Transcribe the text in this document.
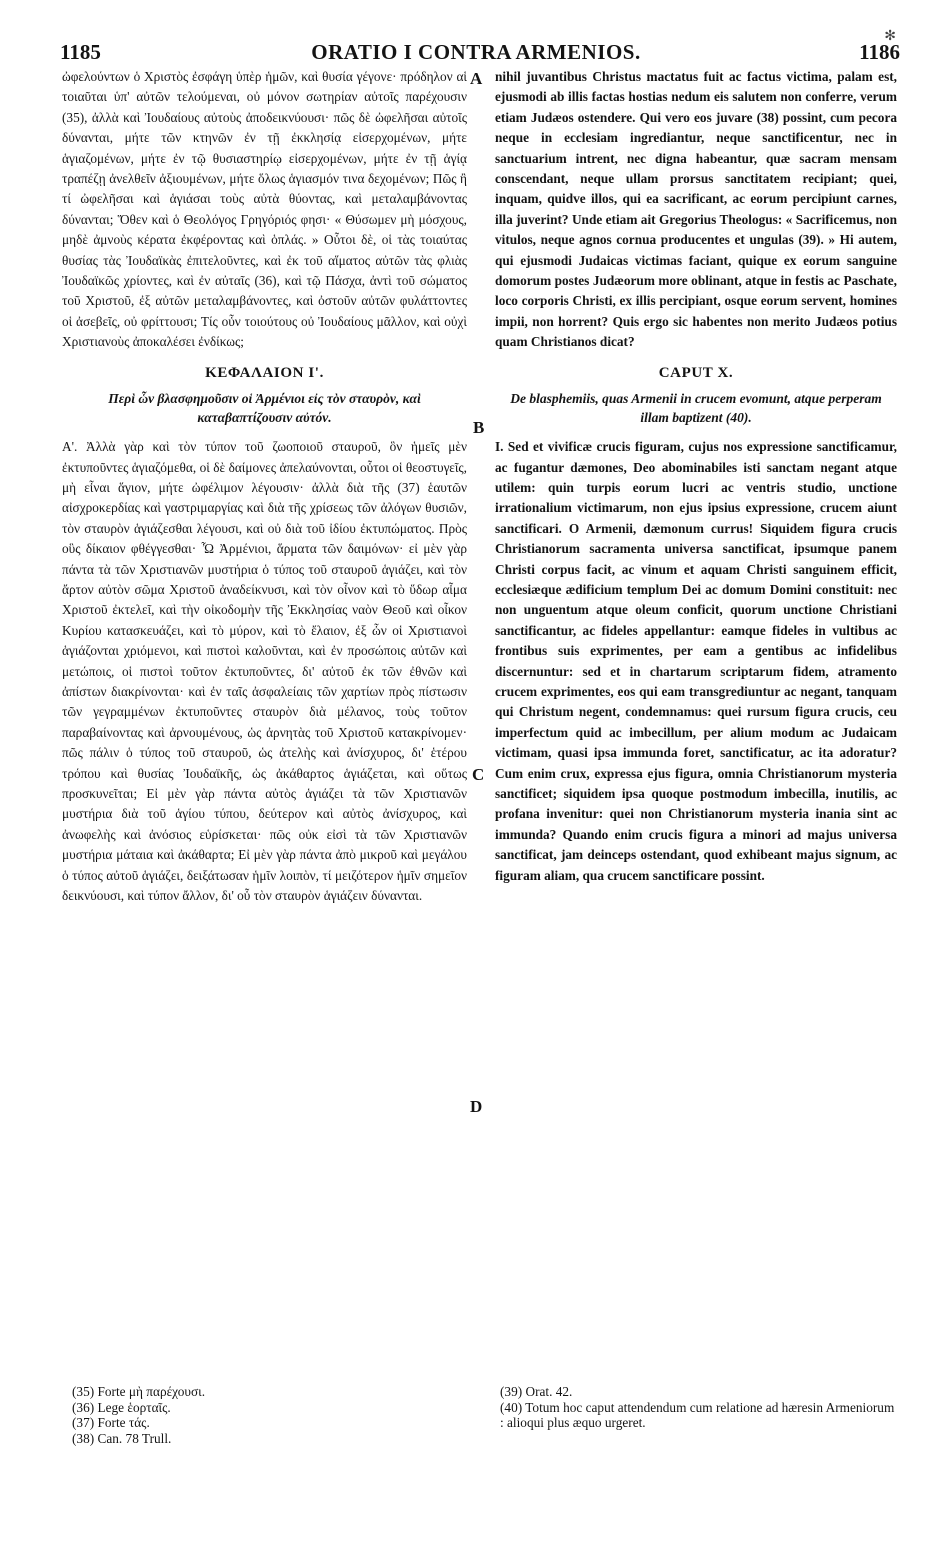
1185	ORATIO I CONTRA ARMENIOS.	1186
✻

ὠφελούντων ὁ Χριστὸς ἐσφάγη ὑπὲρ ἡμῶν, καὶ θυσία γέγονε· πρόδηλον αἱ τοιαῦται ὑπ' αὐτῶν τελούμεναι, οὐ μόνον σωτηρίαν αὐτοῖς παρέχουσιν (35), ἀλλὰ καὶ Ἰουδαίους αὐτοὺς ἀποδεικνύουσι· πῶς δὲ ὠφελῆσαι αὐτοῖς δύνανται, μήτε τῶν κτηνῶν ἐν τῇ ἐκκλησίᾳ εἰσερχομένων, μήτε ἁγιαζομένων, μήτε ἐν τῷ θυσιαστηρίῳ εἰσερχομένων, μήτε ἐν τῇ ἁγίᾳ τραπέζῃ ἀνελθεῖν ἀξιουμένων, μήτε ὅλως ἁγιασμόν τινα δεχομένων; Πῶς ἢ τί ὠφελῆσαι καὶ ἁγιάσαι τοὺς αὐτὰ θύοντας, καὶ μεταλαμβάνοντας δύνανται; Ὅθεν καὶ ὁ Θεολόγος Γρηγόριός φησι· « Θύσωμεν μὴ μόσχους, μηδὲ ἀμνοὺς κέρατα ἐκφέροντας καὶ ὁπλάς. » Οὗτοι δὲ, οἱ τὰς τοιαύτας θυσίας τὰς Ἰουδαϊκὰς ἐπιτελοῦντες, καὶ ἐκ τοῦ αἵματος αὐτῶν τὰς φλιὰς Ἰουδαϊκῶς χρίοντες, καὶ ἐν αὐταῖς (36), καὶ τῷ Πάσχα, ἀντὶ τοῦ σώματος τοῦ Χριστοῦ, ἐξ αὐτῶν μεταλαμβάνοντες, καὶ ὀστοῦν αὐτῶν φυλάττοντες οἱ ἀσεβεῖς, οὐ φρίττουσι; Τίς οὖν τοιούτους οὐ Ἰουδαίους μᾶλλον, καὶ οὐχὶ Χριστιανοὺς ἀποκαλέσει ἐνδίκως;

ΚΕΦΑΛΑΙΟΝ Ι'.
Περὶ ὧν βλασφημοῦσιν οἱ Ἀρμένιοι εἰς τὸν σταυρὸν, καὶ καταβαπτίζουσιν αὐτόν.

Α'. Ἀλλὰ γὰρ καὶ τὸν τύπον τοῦ ζωοποιοῦ σταυροῦ, ὃν ἡμεῖς μὲν ἐκτυποῦντες ἁγιαζόμεθα, οἱ δὲ δαίμονες ἀπελαύνονται, οὗτοι οἱ θεοστυγεῖς, μὴ εἶναι ἅγιον, μήτε ὠφέλιμον λέγουσιν· ἀλλὰ διὰ τῆς (37) ἑαυτῶν αἰσχροκερδίας καὶ γαστριμαργίας καὶ διὰ τῆς χρίσεως τῶν ἀλόγων θυσιῶν, τὸν σταυρὸν ἁγιάζεσθαι λέγουσι, καὶ οὐ διὰ τοῦ ἰδίου ἐκτυπώματος. Πρὸς οὓς δίκαιον φθέγγεσθαι· Ὦ Ἀρμένιοι, ἅρματα τῶν δαιμόνων· εἰ μὲν γὰρ πάντα τὰ τῶν Χριστιανῶν μυστήρια ὁ τύπος τοῦ σταυροῦ ἁγιάζει, καὶ τὸν ἄρτον αὐτὸν σῶμα Χριστοῦ ἀναδείκνυσι, καὶ τὸν οἶνον καὶ τὸ ὕδωρ αἷμα Χριστοῦ ἐκτελεῖ, καὶ τὴν οἰκοδομὴν τῆς Ἐκκλησίας ναὸν Θεοῦ καὶ οἶκον Κυρίου κατασκευάζει, καὶ τὸ μύρον, καὶ τὸ ἔλαιον, ἐξ ὧν οἱ Χριστιανοὶ ἁγιάζονται χριόμενοι, καὶ πιστοὶ καλοῦνται, καὶ ἐν προσώποις αὐτῶν καὶ μετώποις, οἱ πιστοὶ τοῦτον ἐκτυποῦντες, δι' αὐτοῦ ἐκ τῶν ἐθνῶν καὶ ἀπίστων διακρίνονται· καὶ ἐν ταῖς ἀσφαλείαις τῶν χαρτίων πρὸς πίστωσιν τῶν γεγραμμένων ἐκτυποῦντες σταυρὸν διὰ μέλανος, τοὺς τοῦτον παραβαίνοντας καὶ ἀρνουμένους, ὡς ἀρνητὰς τοῦ Χριστοῦ κατακρίνομεν· πῶς πάλιν ὁ τύπος τοῦ σταυροῦ, ὡς ἀτελὴς καὶ ἀνίσχυρος, δι' ἑτέρου τρόπου καὶ θυσίας Ἰουδαϊκῆς, ὡς ἀκάθαρτος ἁγιάζεται, καὶ οὕτως προσκυνεῖται; Εἰ μὲν γὰρ πάντα αὐτὸς ἁγιάζει τὰ τῶν Χριστιανῶν μυστήρια διὰ τοῦ ἁγίου τύπου, δεύτερον καὶ αὐτὸς ἀνίσχυρος, καὶ ἀνωφελὴς καὶ ἀνόσιος εὑρίσκεται· πῶς οὐκ εἰσὶ τὰ τῶν Χριστιανῶν μυστήρια μάταια καὶ ἀκάθαρτα; Εἰ μὲν γὰρ πάντα ἀπὸ μικροῦ καὶ μεγάλου ὁ τύπος αὐτοῦ ἁγιάζει, δειξάτωσαν ἡμῖν λοιπὸν, τί μειζότερον ἡμῖν σημεῖον δεικνύουσι, καὶ τύπον ἄλλον, δι' οὗ τὸν σταυρὸν ἁγιάζειν δύνανται.

A
B
C
D

nihil juvantibus Christus mactatus fuit ac factus victima, palam est, ejusmodi ab illis factas hostias nedum eis salutem non conferre, verum etiam Judæos ostendere. Qui vero eos juvare (38) possint, cum pecora neque in ecclesiam ingrediantur, neque sanctificentur, nec in sanctuarium intrent, nec digna habeantur, quæ sacram mensam conscendant, neque ullam prorsus sanctitatem recipiant; quei, inquam, quidve illos, qui ea sacrificant, ac eorum percipiunt carnes, illa juverint? Unde etiam ait Gregorius Theologus: « Sacrificemus, non vitulos, neque agnos cornua producentes et ungulas (39). » Hi autem, qui ejusmodi Judaicas victimas faciant, quique ex eorum sanguine domorum postes Judæorum more oblinant, atque in festis ac Paschate, loco corporis Christi, ex illis percipiant, osque eorum servent, homines impii, non horrent? Quis ergo sic habentes non merito Judæos potius quam Christianos dicat?

CAPUT X.
De blasphemiis, quas Armenii in crucem evomunt, atque perperam illam baptizent (40).

I. Sed et vivificæ crucis figuram, cujus nos expressione sanctificamur, ac fugantur dæmones, Deo abominabiles isti sanctam negant atque utilem: quin turpis eorum lucri ac ventris studio, unctione irrationalium victimarum, non ejus ipsius expressione, crucem aiunt sanctificari. O Armenii, dæmonum currus! Siquidem figura crucis Christianorum sacramenta universa sanctificat, ipsumque panem Christi corpus facit, ac vinum et aquam Christi sanguinem efficit, ecclesiæque ædificium templum Dei ac domum Domini constituit: nec non unguentum atque oleum conficit, quorum unctione Christiani sanctificantur, ac fideles appellantur: eamque fideles in vultibus ac frontibus suis exprimentes, per eam a gentibus ac infidelibus discernuntur: sed et in chartarum scriptarum fidem, atramento crucem exprimentes, eos qui eam transgrediuntur ac negant, tanquam qui Christum negent, condemnamus: quei rursum figura crucis, ceu imperfectum quid ac imbecillum, per alium modum ac Judaicam victimam, quasi ipsa immunda foret, sanctificatur, ac ita adoratur? Cum enim crux, expressa ejus figura, omnia Christianorum mysteria sanctificet; siquidem ipsa quoque postmodum imbecilla, inutilis, ac profana invenitur: quei non Christianorum mysteria inania sint ac immunda? Quando enim crucis figura a minori ad majus universa sanctificat, jam deinceps ostendant, quod exhibeant majus signum, ac figuram aliam, qua crucem sanctificare possint.

(35) Forte μὴ παρέχουσι.
(36) Lege ἑορταῖς.
(37) Forte τάς.
(38) Can. 78 Trull.
(39) Orat. 42.
(40) Totum hoc caput attendendum cum relatione ad hæresin Armeniorum : alioqui plus æquo urgeret.
